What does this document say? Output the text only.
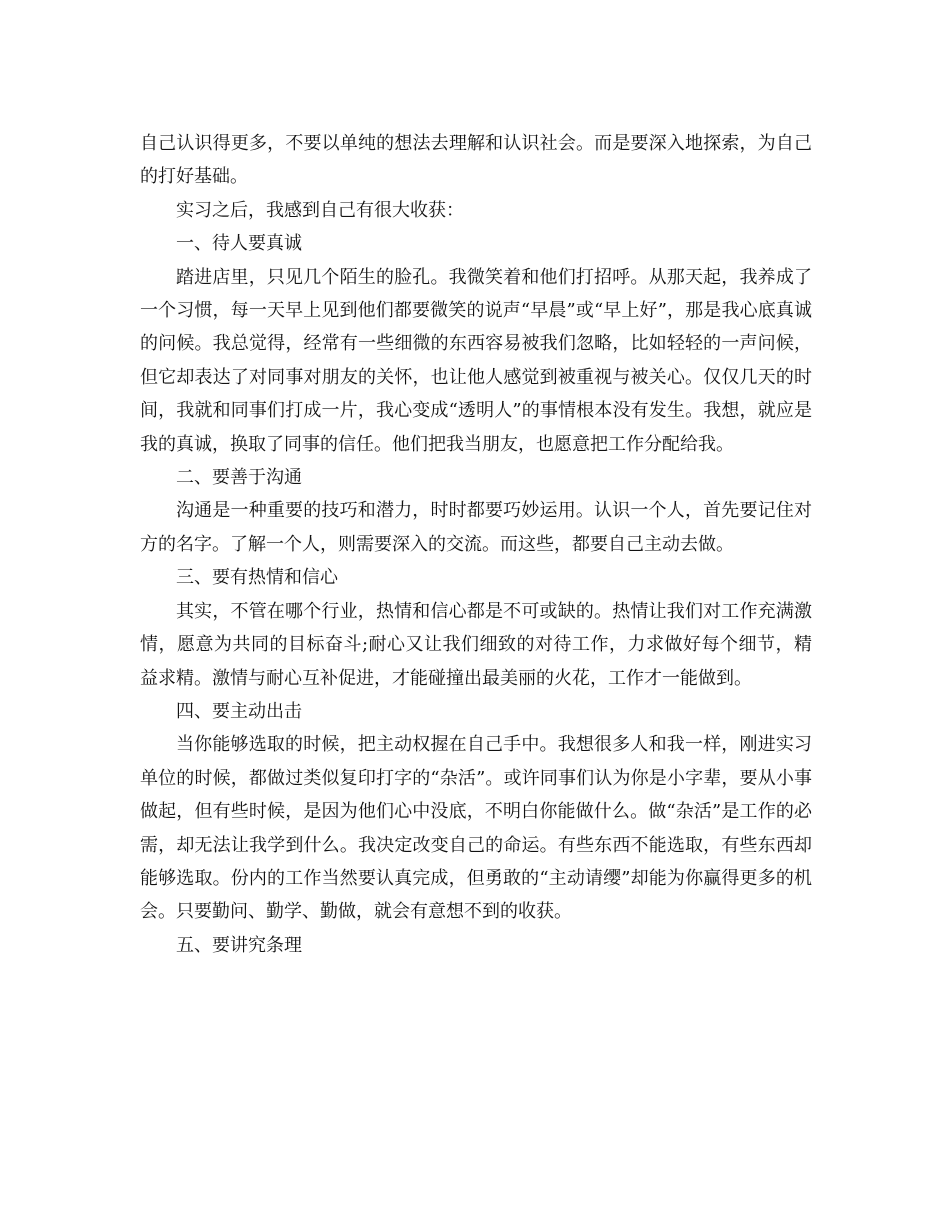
自己认识得更多，不要以单纯的想法去理解和认识社会。而是要深入地探索，为自己的打好基础。

实习之后，我感到自己有很大收获：

一、待人要真诚

踏进店里，只见几个陌生的脸孔。我微笑着和他们打招呼。从那天起，我养成了一个习惯，每一天早上见到他们都要微笑的说声“早晨”或“早上好”，那是我心底真诚的问候。我总觉得，经常有一些细微的东西容易被我们忽略，比如轻轻的一声问候，但它却表达了对同事对朋友的关怀，也让他人感觉到被重视与被关心。仅仅几天的时间，我就和同事们打成一片，我心变成“透明人”的事情根本没有发生。我想，就应是我的真诚，换取了同事的信任。他们把我当朋友，也愿意把工作分配给我。

二、要善于沟通

沟通是一种重要的技巧和潜力，时时都要巧妙运用。认识一个人，首先要记住对方的名字。了解一个人，则需要深入的交流。而这些，都要自己主动去做。

三、要有热情和信心

其实，不管在哪个行业，热情和信心都是不可或缺的。热情让我们对工作充满激情，愿意为共同的目标奋斗;耐心又让我们细致的对待工作，力求做好每个细节，精益求精。激情与耐心互补促进，才能碰撞出最美丽的火花，工作才一能做到。

四、要主动出击

当你能够选取的时候，把主动权握在自己手中。我想很多人和我一样，刚进实习单位的时候，都做过类似复印打字的“杂活”。或许同事们认为你是小字辈，要从小事做起，但有些时候，是因为他们心中没底，不明白你能做什么。做“杂活”是工作的必需，却无法让我学到什么。我决定改变自己的命运。有些东西不能选取，有些东西却能够选取。份内的工作当然要认真完成，但勇敢的“主动请缨”却能为你赢得更多的机会。只要勤问、勤学、勤做，就会有意想不到的收获。

五、要讲究条理
